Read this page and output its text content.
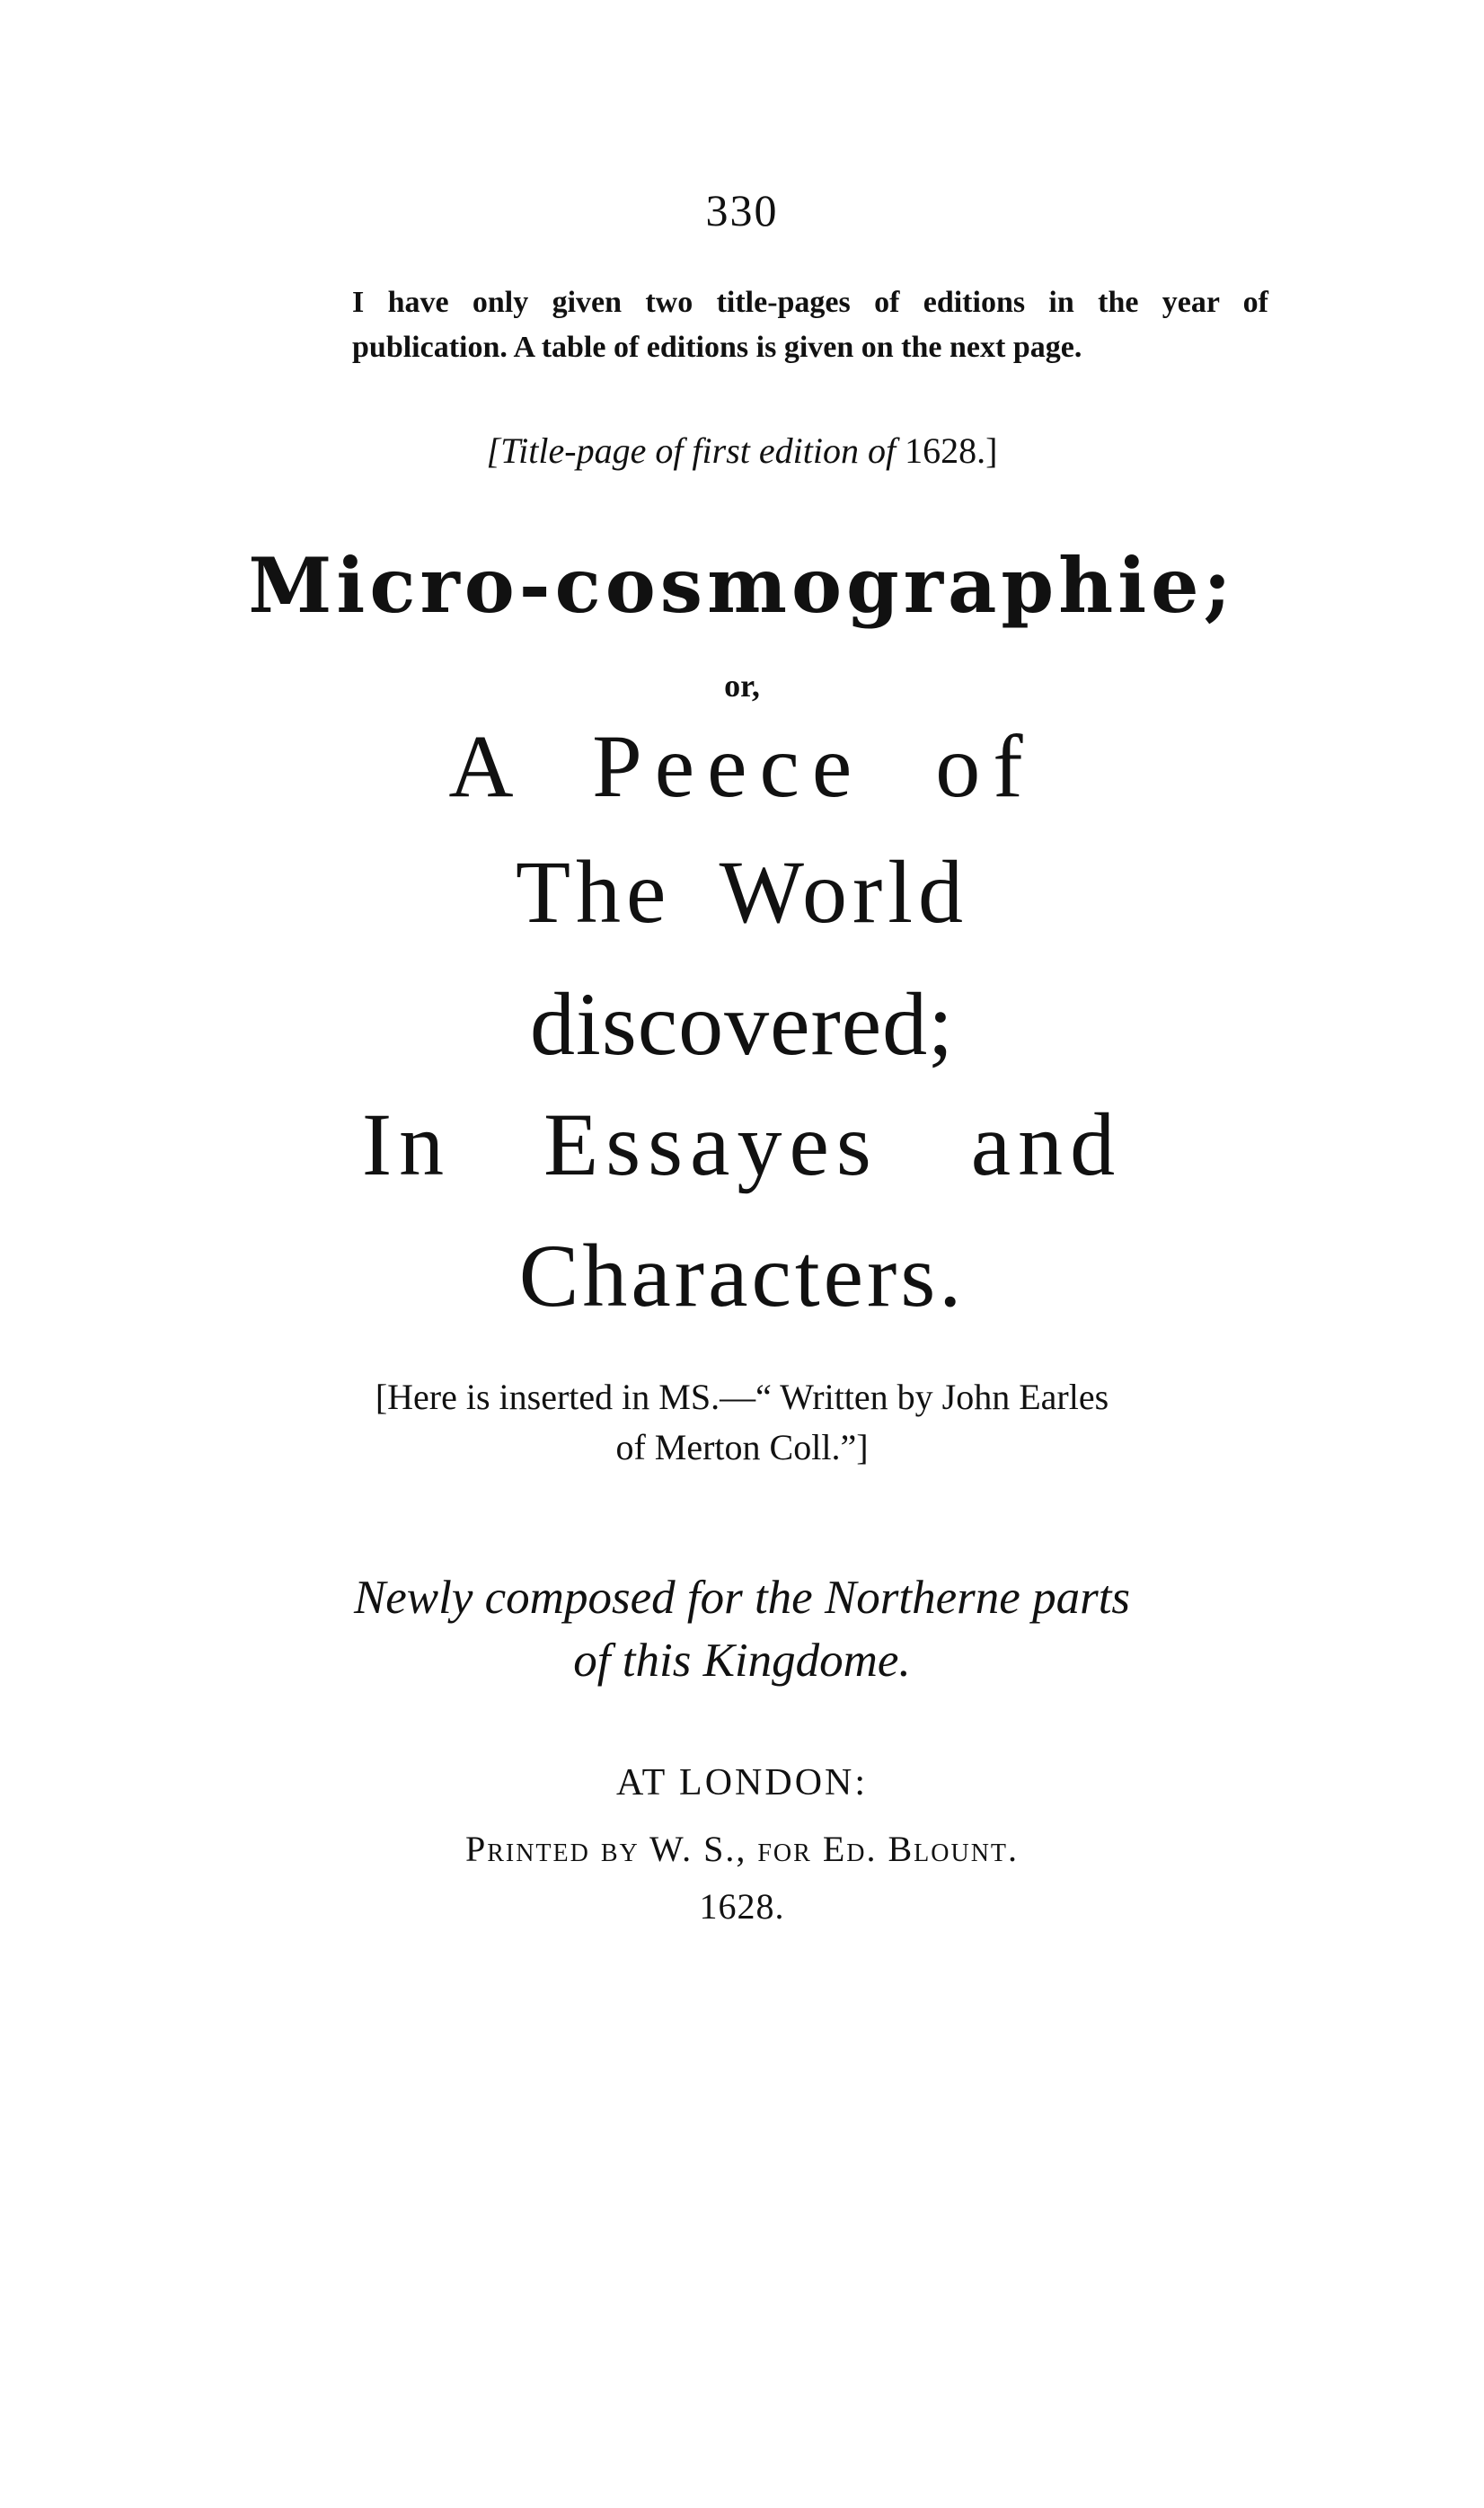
330
I have only given two title-pages of editions in the year of
publication. A table of editions is given on the next page.
[Title-page of first edition of 1628.]
Micro-cosmographie;
or,
A Peece of
The World
discovered;
In Essayes and
Characters.
[Here is inserted in MS.—“ Written by John Earles
of Merton Coll.”]
Newly composed for the Northerne parts
of this Kingdome.
AT LONDON:
Printed by W. S., for Ed. Blount.
1628.
